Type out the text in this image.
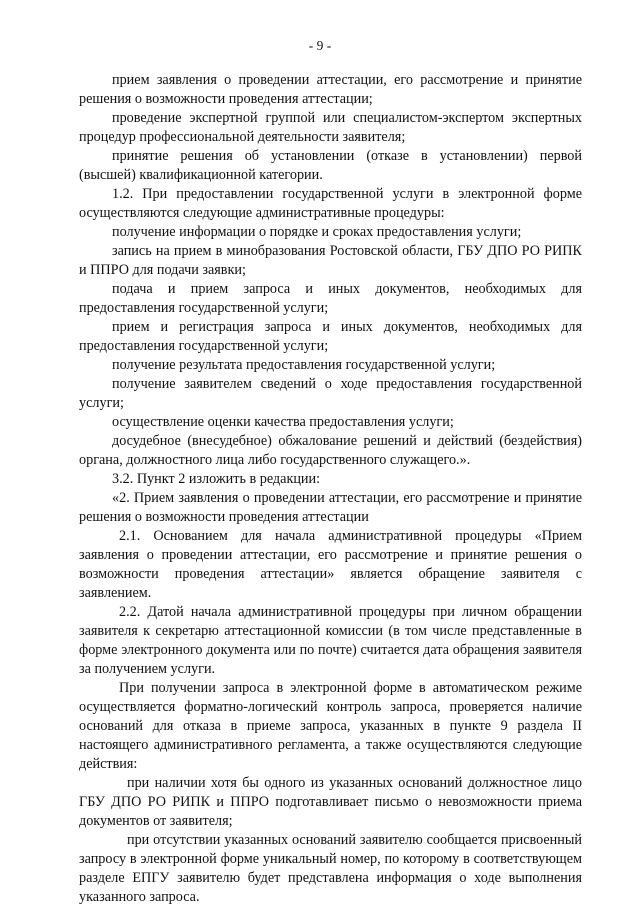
- 9 -

прием заявления о проведении аттестации, его рассмотрение и принятие решения о возможности проведения аттестации;

проведение экспертной группой или специалистом-экспертом экспертных процедур профессиональной деятельности заявителя;

принятие решения об установлении (отказе в установлении) первой (высшей) квалификационной категории.

1.2. При предоставлении государственной услуги в электронной форме осуществляются следующие административные процедуры:

получение информации о порядке и сроках предоставления услуги;

запись на прием в минобразования Ростовской области, ГБУ ДПО РО РИПК и ППРО для подачи заявки;

подача и прием запроса и иных документов, необходимых для предоставления государственной услуги;

прием и регистрация запроса и иных документов, необходимых для предоставления государственной услуги;

получение результата предоставления государственной услуги;

получение заявителем сведений о ходе предоставления государственной услуги;

осуществление оценки качества предоставления услуги;

досудебное (внесудебное) обжалование решений и действий (бездействия) органа, должностного лица либо государственного служащего.».

3.2. Пункт 2 изложить в редакции:

«2. Прием заявления о проведении аттестации, его рассмотрение и принятие решения о возможности проведения аттестации

2.1. Основанием для начала административной процедуры «Прием заявления о проведении аттестации, его рассмотрение и принятие решения о возможности проведения аттестации» является обращение заявителя с заявлением.

2.2. Датой начала административной процедуры при личном обращении заявителя к секретарю аттестационной комиссии (в том числе представленные в форме электронного документа или по почте) считается дата обращения заявителя за получением услуги.

При получении запроса в электронной форме в автоматическом режиме осуществляется форматно-логический контроль запроса, проверяется наличие оснований для отказа в приеме запроса, указанных в пункте 9 раздела II настоящего административного регламента, а также осуществляются следующие действия:

при наличии хотя бы одного из указанных оснований должностное лицо ГБУ ДПО РО РИПК и ППРО подготавливает письмо о невозможности приема документов от заявителя;

при отсутствии указанных оснований заявителю сообщается присвоенный запросу в электронной форме уникальный номер, по которому в соответствующем разделе ЕПГУ заявителю будет представлена информация о ходе выполнения указанного запроса.
